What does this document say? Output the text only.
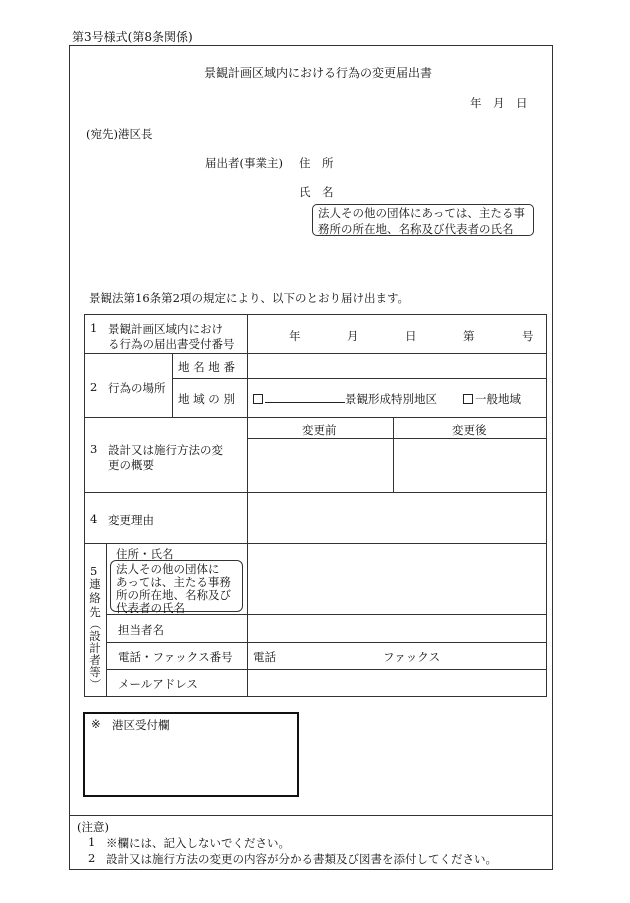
第3号様式(第8条関係)
景観計画区域内における行為の変更届出書
年　月　日
(宛先)港区長
届出者(事業主) 住　所
氏　名
法人その他の団体にあっては、主たる事
務所の所在地、名称及び代表者の氏名
景観法第16条第2項の規定により、以下のとおり届け出ます。
1 景観計画区域内におけ
る行為の届出書受付番号
年	月	日	第	号
2 行為の場所
地 名 地 番
地 域 の 別	景観形成特別地区	一般地域
3 設計又は施行方法の変
更の概要
変更前	変更後
4 変更理由
5
連
絡
先
（
設
計
者
等
）
住所・氏名
法人その他の団体に
あっては、主たる事務
所の所在地、名称及び
代表者の氏名
担当者名
電話・ファックス番号 電話	ファックス
メールアドレス
※ 港区受付欄
(注意)
1 ※欄には、記入しないでください。
2 設計又は施行方法の変更の内容が分かる書類及び図書を添付してください。
